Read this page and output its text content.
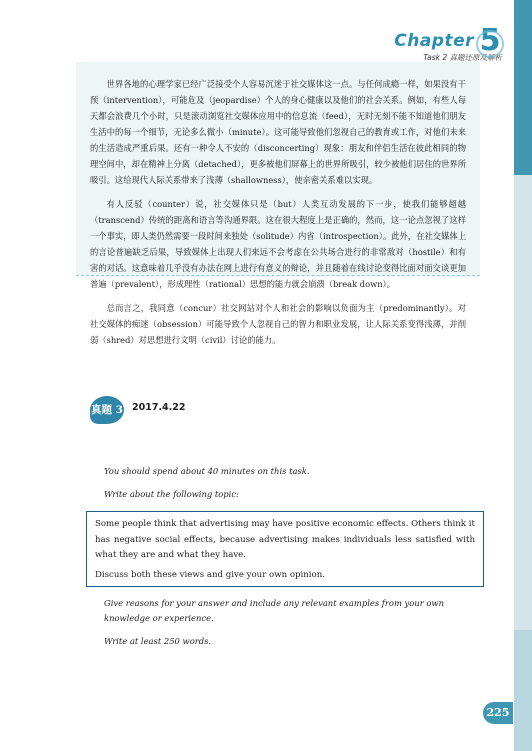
Chapter 5
Task 2 真题还原及解析

世界各地的心理学家已经广泛接受个人容易沉迷于社交媒体这一点。与任何成瘾一样，如果没有干预（intervention），可能危及（jeopardise）个人的身心健康以及他们的社会关系。例如，有些人每天都会浪费几个小时，只是滚动浏览社交媒体应用中的信息流（feed），无时无刻不能不知道他们朋友生活中的每一个细节，无论多么微小（minute）。这可能导致他们忽视自己的教育或工作，对他们未来的生活造成严重后果。还有一种令人不安的（disconcerting）现象：朋友和伴侣生活在彼此相同的物理空间中，却在精神上分离（detached），更多被他们屏幕上的世界所吸引，较少被他们居住的世界所吸引。这给现代人际关系带来了浅薄（shallowness），使亲密关系难以实现。

有人反驳（counter）说，社交媒体只是（but）人类互动发展的下一步，使我们能够超越（transcend）传统的距离和语言等沟通界限。这在很大程度上是正确的，然而，这一论点忽视了这样一个事实，即人类仍然需要一段时间来独处（solitude）内省（introspection）。此外，在社交媒体上的言论普遍缺乏后果，导致媒体上出现人们来远不会考虑在公共场合进行的非常敌对（hostile）和有害的对话。这意味着几乎没有办法在网上进行有意义的辩论，并且随着在线讨论变得比面对面交谈更加普遍（prevalent），形成理性（rational）思想的能力就会崩溃（break down）。

总而言之，我同意（concur）社交网站对个人和社会的影响以负面为主（predominantly）。对社交媒体的痴迷（obsession）可能导致个人忽视自己的智力和职业发展，让人际关系变得浅薄，并削弱（shred）对思想进行文明（civil）讨论的能力。

真题 3 2017.4.22
You should spend about 40 minutes on this task.
Write about the following topic:

Some people think that advertising may have positive economic effects. Others think it has negative social effects, because advertising makes individuals less satisfied with what they are and what they have.

Discuss both these views and give your own opinion.

Give reasons for your answer and include any relevant examples from your own knowledge or experience.
Write at least 250 words.
225
